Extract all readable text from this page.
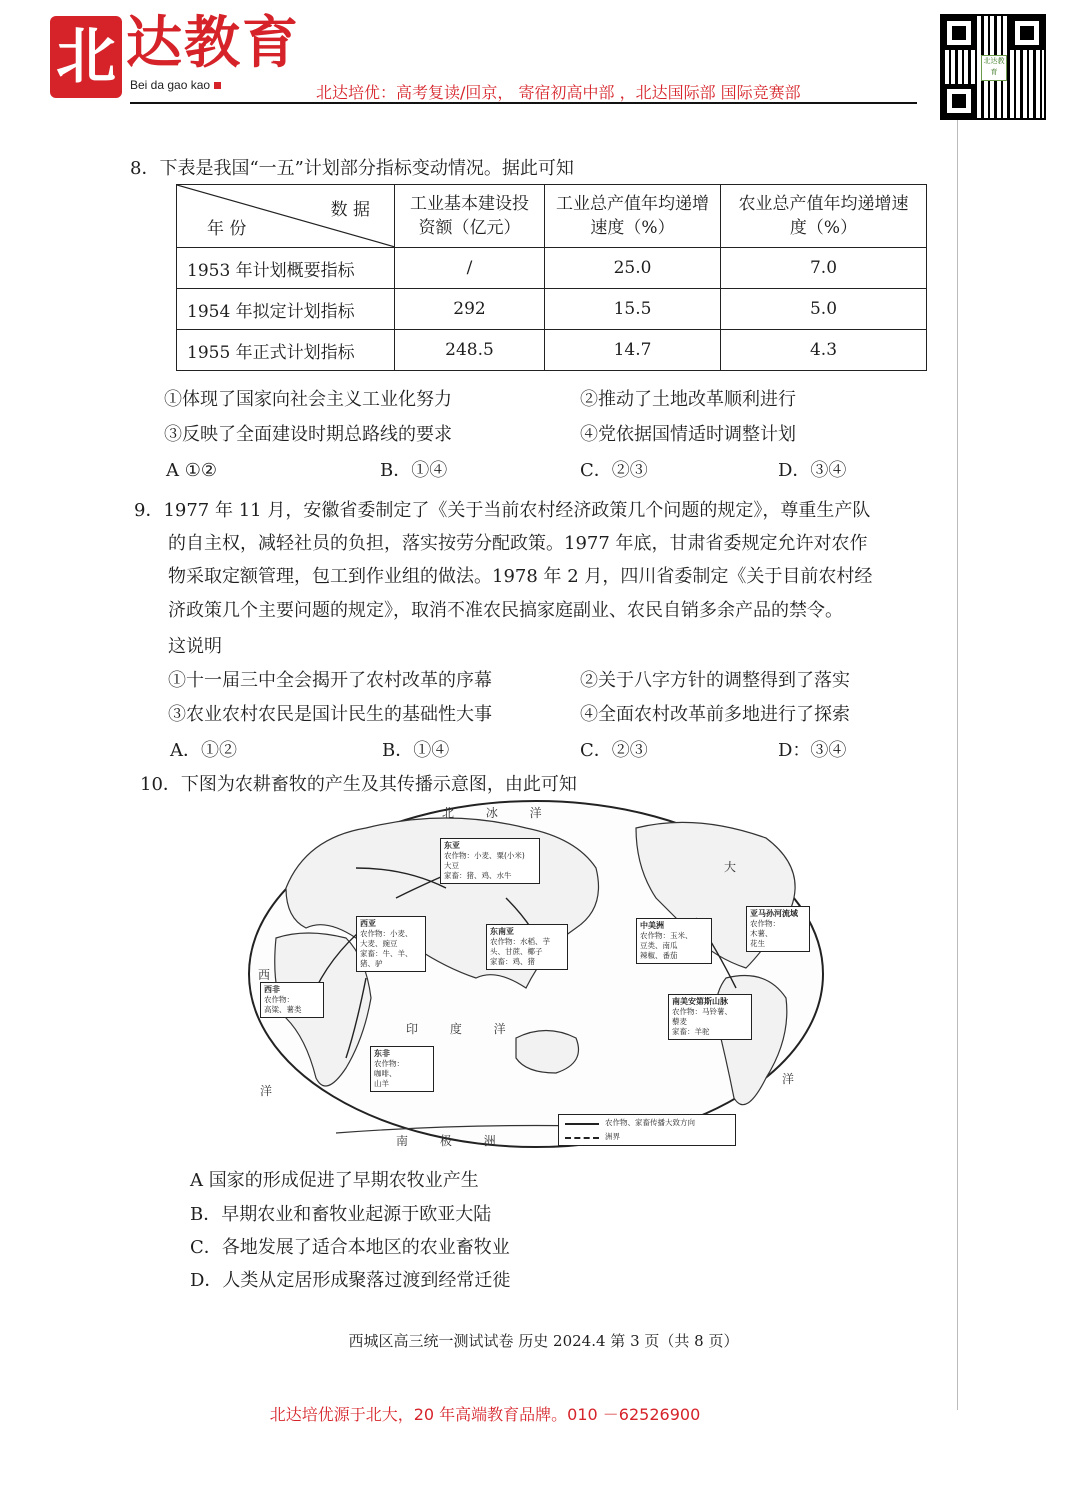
北 达教育
Bei da gao kao	北达培优：高考复读/回京， 寄宿初高中部 ，北达国际部 国际竞赛部
北达教育
8．下表是我国“一五”计划部分指标变动情况。据此可知
数 据
年 份	工业基本建设投资额（亿元）	工业总产值年均递增速度（%）	农业总产值年均递增速度（%）
1953 年计划概要指标	/	25.0	7.0
1954 年拟定计划指标	292	15.5	5.0
1955 年正式计划指标	248.5	14.7	4.3
①体现了国家向社会主义工业化努力	②推动了土地改革顺利进行
③反映了全面建设时期总路线的要求	④党依据国情适时调整计划
A ①②	B．①④	C．②③	D．③④
9．1977 年 11 月，安徽省委制定了《关于当前农村经济政策几个问题的规定》，尊重生产队
的自主权，减轻社员的负担，落实按劳分配政策。1977 年底，甘肃省委规定允许对农作
物采取定额管理，包工到作业组的做法。1978 年 2 月，四川省委制定《关于目前农村经
济政策几个主要问题的规定》，取消不准农民搞家庭副业、农民自销多余产品的禁令。
这说明
①十一届三中全会揭开了农村改革的序幕	②关于八字方针的调整得到了落实
③农业农村农民是国计民生的基础性大事	④全面农村改革前多地进行了探索
A．①②	B．①④	C．②③	D：③④
10．下图为农耕畜牧的产生及其传播示意图，由此可知
北 冰 洋
大
西
印 度 洋
洋
洋
南 极 洲
东亚
农作物：小麦、粟(小米)
大豆
家畜：猪、鸡、水牛
西亚
农作物：小麦、
大麦、豌豆
家畜：牛、羊、
猪、驴
东南亚
农作物：水稻、芋
头、甘蔗、椰子
家畜：鸡、猪
西非
农作物：
高粱、薯类
东非
农作物：
咖啡、
山羊
中美洲
农作物：玉米、
豆类、南瓜
辣椒、番茄
亚马孙河流域
农作物：
木薯、
花生
南美安第斯山脉
农作物：马铃薯、
藜麦
家畜：羊驼
农作物、家畜传播大致方向
洲界
A 国家的形成促进了早期农牧业产生
B．早期农业和畜牧业起源于欧亚大陆
C．各地发展了适合本地区的农业畜牧业
D．人类从定居形成聚落过渡到经常迁徙
西城区高三统一测试试卷 历史 2024.4 第 3 页（共 8 页）
北达培优源于北大，20 年高端教育品牌。010 －62526900
